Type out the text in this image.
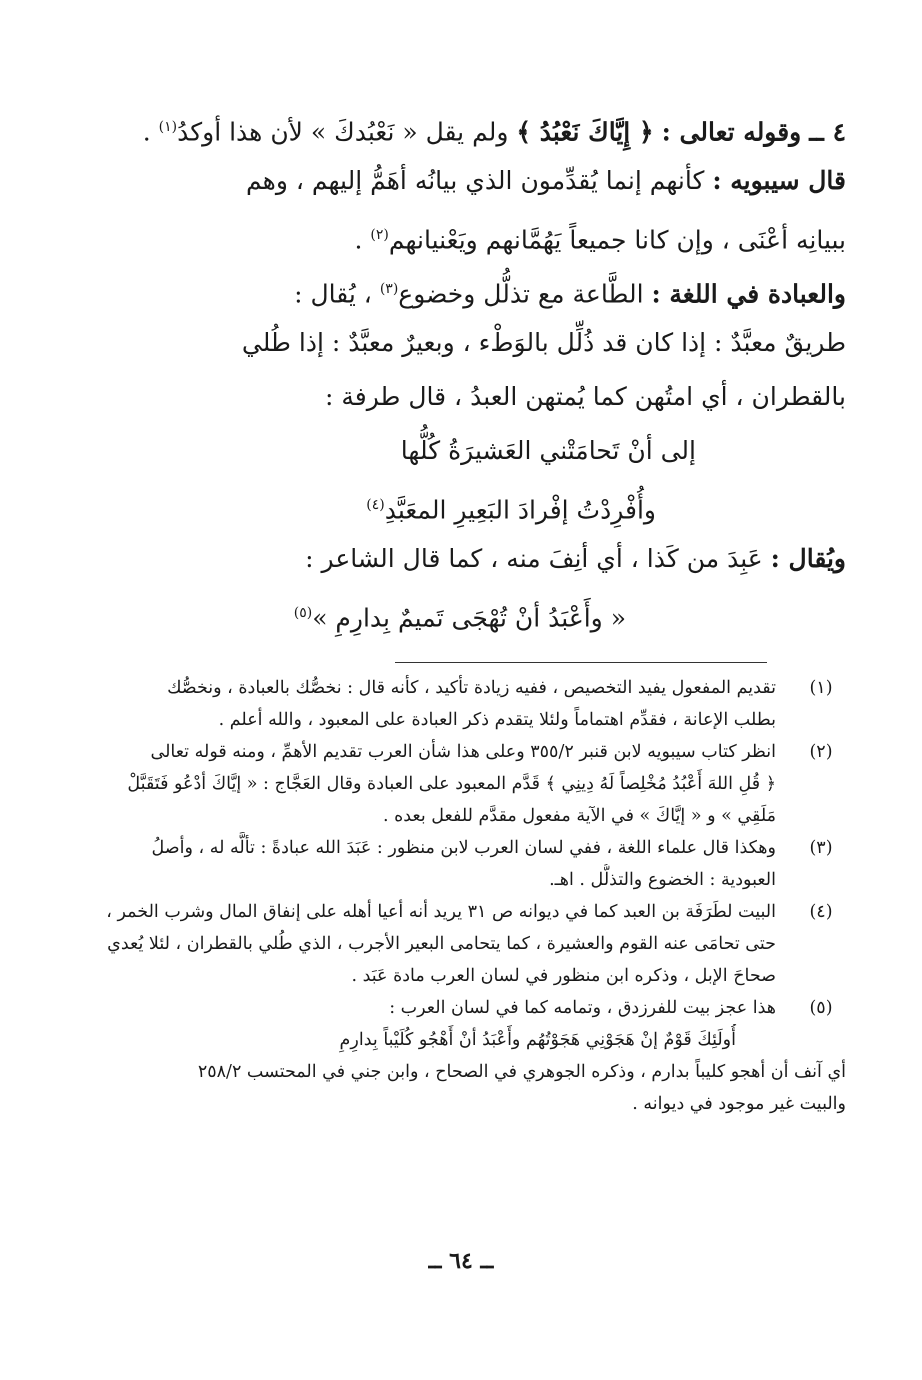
٤ ــ وقوله تعالى : ﴿ إِيَّاكَ نَعْبُدُ ﴾ ولم يقل « نَعْبُدكَ » لأن هذا أوكدُ$^{(١)}$ .
قال سيبويه : كأنهم إنما يُقدِّمون الذي بيانُه أهَمُّ إليهم ، وهم
ببيانِه أعْنَى ، وإن كانا جميعاً يَهُمَّانهم ويَعْنيانهم$^{(٢)}$ .
والعبادة في اللغة : الطَّاعة مع تذلُّل وخضوع$^{(٣)}$ ، يُقال :
طريقٌ معبَّدٌ : إذا كان قد ذُلِّل بالوَطْء ، وبعيرٌ معبَّدٌ : إذا طُلي
بالقطران ، أي امتُهن كما يُمتهن العبدُ ، قال طرفة :
إلى أنْ تَحامَتْني العَشيرَةُ كُلُّها
وأُفْرِدْتُ إفْرادَ البَعِيرِ المعَبَّدِ$^{(٤)}$
ويُقال : عَبِدَ من كَذا ، أي أنِفَ منه ، كما قال الشاعر :
« وأَعْبَدُ أنْ تُهْجَى تَميمٌ بِدارِمِ »$^{(٥)}$
(١)
تقديم المفعول يفيد التخصيص ، ففيه زيادة تأكيد ، كأنه قال : نخصُّك بالعبادة ، ونخصُّك
بطلب الإعانة ، فقدِّم اهتماماً ولئلا يتقدم ذكر العبادة على المعبود ، والله أعلم .
(٢)
انظر كتاب سيبويه لابن قنبر ٣٥٥/٢ وعلى هذا شأن العرب تقديم الأهمِّ ، ومنه قوله تعالى
﴿ قُلِ اللهَ أَعْبُدُ مُخْلِصاً لَهُ دِينِي ﴾ قَدَّم المعبود على العبادة وقال العَجَّاج : « إيَّاكَ أدْعُو فَتَقَبَّلْ
مَلَقِي » و « إيَّاكَ » في الآية مفعول مقدَّم للفعل بعده .
(٣)
وهكذا قال علماء اللغة ، ففي لسان العرب لابن منظور : عَبَدَ الله عبادةً : تألَّه له ، وأصلُ
العبودية : الخضوع والتذلُّل . اهـ.
(٤)
البيت لطَرَفَة بن العبد كما في ديوانه ص ٣١ يريد أنه أعيا أهله على إنفاق المال وشرب الخمر ،
حتى تحامَى عنه القوم والعشيرة ، كما يتحامى البعير الأجرب ، الذي طُلي بالقطران ، لئلا يُعدي
صحاحَ الإبل ، وذكره ابن منظور في لسان العرب مادة عَبَد .
(٥)
هذا عجز بيت للفرزدق ، وتمامه كما في لسان العرب :
أُولَئِكَ قَوْمٌ إنْ هَجَوْنِي هَجَوْتُهُم وأَعْبَدُ أنْ أَهْجُو كُلَيْباً بِدارِمِ
أي آنف أن أهجو كليباً بدارم ، وذكره الجوهري في الصحاح ، وابن جني في المحتسب ٢٥٨/٢
والبيت غير موجود في ديوانه .
ــ ٦٤ ــ
